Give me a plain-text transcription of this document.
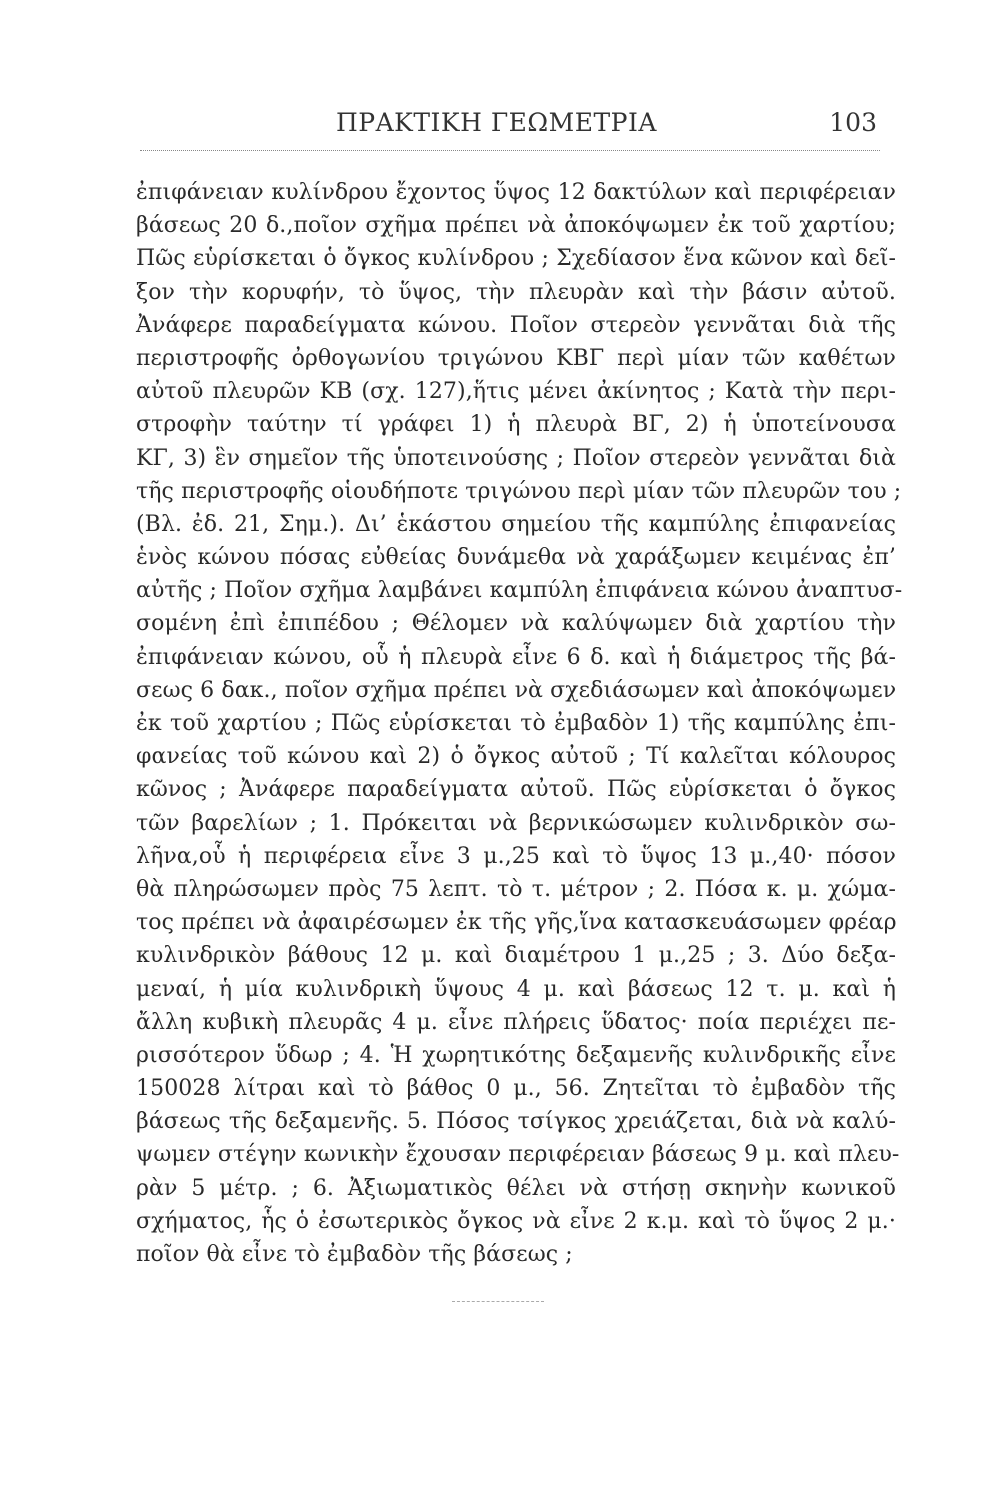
ΠΡΑΚΤΙΚΗ ΓΕΩΜΕΤΡΙΑ	103
ἐπιφάνειαν κυλίνδρου ἔχοντος ὕψος 12 δακτύλων καὶ περιφέρειαν
βάσεως 20 δ.,ποῖον σχῆμα πρέπει νὰ ἀποκόψωμεν ἐκ τοῦ χαρτίου;
Πῶς εὑρίσκεται ὁ ὄγκος κυλίνδρου ; Σχεδίασον ἕνα κῶνον καὶ δεῖ-
ξον τὴν κορυφήν, τὸ ὕψος, τὴν πλευρὰν καὶ τὴν βάσιν αὐτοῦ.
Ἀνάφερε παραδείγματα κώνου. Ποῖον στερεὸν γεννᾶται διὰ τῆς
περιστροφῆς ὀρθογωνίου τριγώνου ΚΒΓ περὶ μίαν τῶν καθέτων
αὐτοῦ πλευρῶν ΚΒ (σχ. 127),ἥτις μένει ἀκίνητος ; Κατὰ τὴν περι-
στροφὴν ταύτην τί γράφει 1) ἡ πλευρὰ ΒΓ, 2) ἡ ὑποτείνουσα
ΚΓ, 3) ἓν σημεῖον τῆς ὑποτεινούσης ; Ποῖον στερεὸν γεννᾶται διὰ
τῆς περιστροφῆς οἱουδήποτε τριγώνου περὶ μίαν τῶν πλευρῶν του ;
(Βλ. ἐδ. 21, Σημ.). Δι’ ἑκάστου σημείου τῆς καμπύλης ἐπιφανείας
ἑνὸς κώνου πόσας εὐθείας δυνάμεθα νὰ χαράξωμεν κειμένας ἐπ’
αὐτῆς ; Ποῖον σχῆμα λαμβάνει καμπύλη ἐπιφάνεια κώνου ἀναπτυσ-
σομένη ἐπὶ ἐπιπέδου ; Θέλομεν νὰ καλύψωμεν διὰ χαρτίου τὴν
ἐπιφάνειαν κώνου, οὗ ἡ πλευρὰ εἶνε 6 δ. καὶ ἡ διάμετρος τῆς βά-
σεως 6 δακ., ποῖον σχῆμα πρέπει νὰ σχεδιάσωμεν καὶ ἀποκόψωμεν
ἐκ τοῦ χαρτίου ; Πῶς εὑρίσκεται τὸ ἐμβαδὸν 1) τῆς καμπύλης ἐπι-
φανείας τοῦ κώνου καὶ 2) ὁ ὄγκος αὐτοῦ ; Τί καλεῖται κόλουρος
κῶνος ; Ἀνάφερε παραδείγματα αὐτοῦ. Πῶς εὑρίσκεται ὁ ὄγκος
τῶν βαρελίων ; 1. Πρόκειται νὰ βερνικώσωμεν κυλινδρικὸν σω-
λῆνα,οὗ ἡ περιφέρεια εἶνε 3 μ.,25 καὶ τὸ ὕψος 13 μ.,40· πόσον
θὰ πληρώσωμεν πρὸς 75 λεπτ. τὸ τ. μέτρον ; 2. Πόσα κ. μ. χώμα-
τος πρέπει νὰ ἀφαιρέσωμεν ἐκ τῆς γῆς,ἵνα κατασκευάσωμεν φρέαρ
κυλινδρικὸν βάθους 12 μ. καὶ διαμέτρου 1 μ.,25 ; 3. Δύο δεξα-
μεναί, ἡ μία κυλινδρικὴ ὕψους 4 μ. καὶ βάσεως 12 τ. μ. καὶ ἡ
ἄλλη κυβικὴ πλευρᾶς 4 μ. εἶνε πλήρεις ὕδατος· ποία περιέχει πε-
ρισσότερον ὕδωρ ; 4. Ἡ χωρητικότης δεξαμενῆς κυλινδρικῆς εἶνε
150028 λίτραι καὶ τὸ βάθος 0 μ., 56. Ζητεῖται τὸ ἐμβαδὸν τῆς
βάσεως τῆς δεξαμενῆς. 5. Πόσος τσίγκος χρειάζεται, διὰ νὰ καλύ-
ψωμεν στέγην κωνικὴν ἔχουσαν περιφέρειαν βάσεως 9 μ. καὶ πλευ-
ρὰν 5 μέτρ. ; 6. Ἀξιωματικὸς θέλει νὰ στήσῃ σκηνὴν κωνικοῦ
σχήματος, ἧς ὁ ἐσωτερικὸς ὄγκος νὰ εἶνε 2 κ.μ. καὶ τὸ ὕψος 2 μ.·
ποῖον θὰ εἶνε τὸ ἐμβαδὸν τῆς βάσεως ;
